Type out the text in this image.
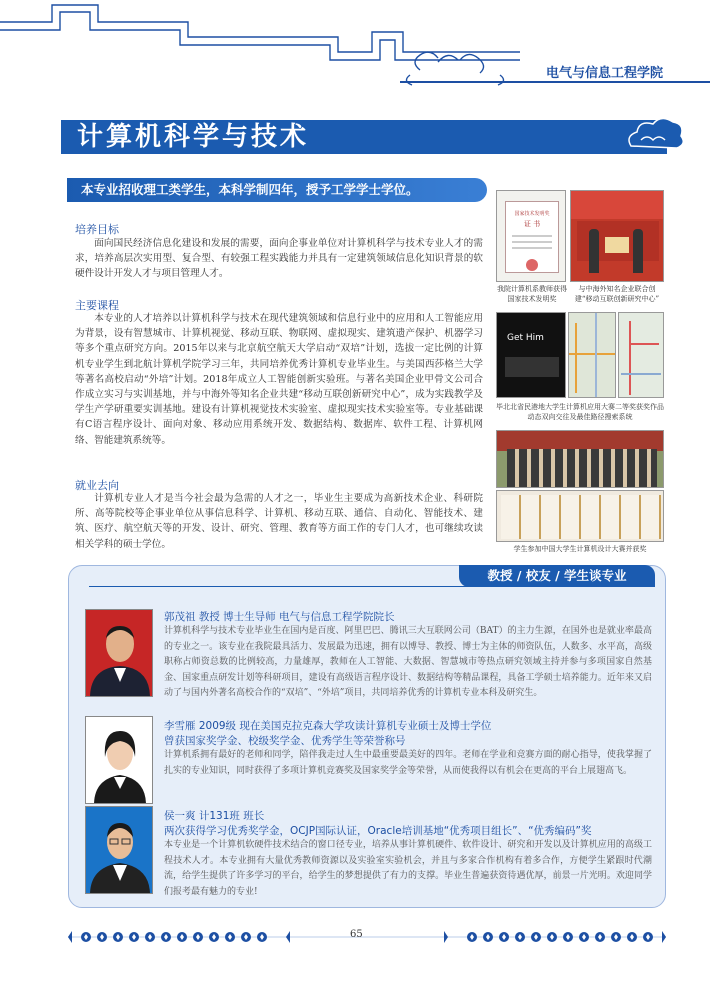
电气与信息工程学院
计算机科学与技术
本专业招收理工类学生，本科学制四年，授予工学学士学位。
培养目标
面向国民经济信息化建设和发展的需要，面向企事业单位对计算机科学与技术专业人才的需求，培养高层次实用型、复合型、有较强工程实践能力并具有一定建筑领域信息化知识背景的软硬件设计开发人才与项目管理人才。
主要课程
本专业的人才培养以计算机科学与技术在现代建筑领域和信息行业中的应用和人工智能应用为背景，设有智慧城市、计算机视觉、移动互联、物联网、虚拟现实、建筑遗产保护、机器学习等多个重点研究方向。2015年以来与北京航空航天大学启动“双培”计划，选拔一定比例的计算机专业学生到北航计算机学院学习三年，共同培养优秀计算机专业毕业生。与美国西莎格兰大学等著名高校启动“外培”计划。2018年成立人工智能创新实验班。与著名美国企业甲骨文公司合作成立实习与实训基地，并与中海外等知名企业共建“移动互联创新研究中心”，成为实践教学及学生产学研重要实训基地。建设有计算机视觉技术实验室、虚拟现实技术实验室等。专业基础课有C语言程序设计、面向对象、移动应用系统开发、数据结构、数据库、软件工程、计算机网络、智能建筑系统等。
就业去向
计算机专业人才是当今社会最为急需的人才之一，毕业生主要成为高新技术企业、科研院所、高等院校等企事业单位从事信息科学、计算机、移动互联、通信、自动化、智能技术、建筑、医疗、航空航天等的开发、设计、研究、管理、教育等方面工作的专门人才，也可继续攻读相关学科的硕士学位。
国家技术发明奖
证 书
我院计算机系教师获得国家技术发明奖
与中海外知名企业联合创建“移动互联创新研究中心”
Get Him
毕北北省民港地大学生计算机应用大赛二等奖获奖作品动态双向交往及最佳路径搜索系统
学生参加中国大学生计算机设计大赛并获奖
教授 / 校友 / 学生谈专业
郭茂祖 教授 博士生导师 电气与信息工程学院院长
计算机科学与技术专业毕业生在国内是百度、阿里巴巴、腾讯三大互联网公司（BAT）的主力生源，在国外也是就业率最高的专业之一。该专业在我院最具活力、发展最为迅速，拥有以博导、教授、博士为主体的师资队伍，人数多、水平高，高级职称占师资总数的比例较高，力量雄厚，教师在人工智能、大数据、智慧城市等热点研究领域主持并参与多项国家自然基金、国家重点研发计划等科研项目，建设有高级语言程序设计、数据结构等精品课程，具备工学硕士培养能力。近年来又启动了与国内外著名高校合作的“双培”、“外培”项目，共同培养优秀的计算机专业本科及研究生。
李雪雁 2009级 现在美国克拉克森大学攻读计算机专业硕士及博士学位
曾获国家奖学金、校级奖学金、优秀学生等荣誉称号
计算机系拥有最好的老师和同学，陪伴我走过人生中最重要最美好的四年。老师在学业和竞赛方面的耐心指导，使我掌握了扎实的专业知识，同时获得了多项计算机竞赛奖及国家奖学金等荣誉，从而使我得以有机会在更高的平台上展翅高飞。
侯一爽 计131班 班长
两次获得学习优秀奖学金，OCJP国际认证，Oracle培训基地“优秀项目组长”、“优秀编码”奖
本专业是一个计算机软硬件技术结合的窗口径专业，培养从事计算机硬件、软件设计、研究和开发以及计算机应用的高级工程技术人才。本专业拥有大量优秀教师资源以及实验室实验机会，并且与多家合作机构有着多合作，方便学生紧跟时代潮流，给学生提供了许多学习的平台，给学生的梦想提供了有力的支撑。毕业生普遍获资待遇优厚，前景一片光明。欢迎同学们报考最有魅力的专业!
65
